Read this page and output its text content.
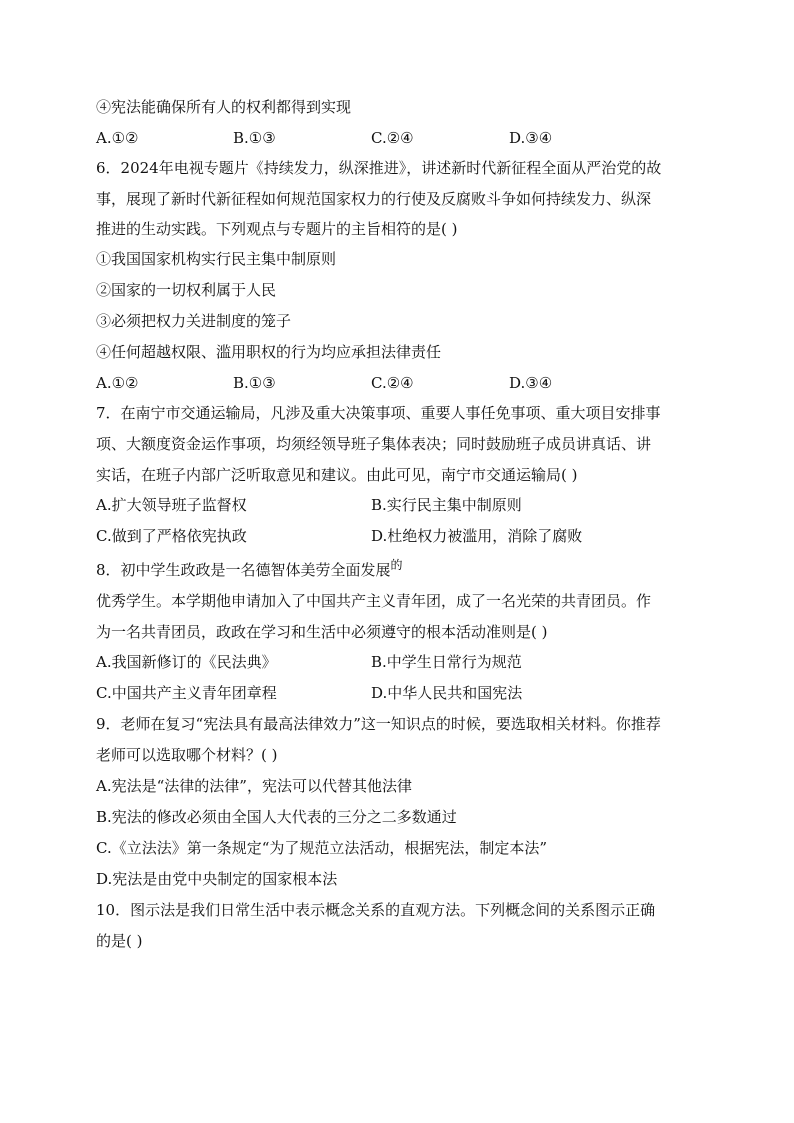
④宪法能确保所有人的权利都得到实现
A.①②	B.①③	C.②④	D.③④
6．2024年电视专题片《持续发力，纵深推进》，讲述新时代新征程全面从严治党的故
事，展现了新时代新征程如何规范国家权力的行使及反腐败斗争如何持续发力、纵深
推进的生动实践。下列观点与专题片的主旨相符的是( )
①我国国家机构实行民主集中制原则
②国家的一切权利属于人民
③必须把权力关进制度的笼子
④任何超越权限、滥用职权的行为均应承担法律责任
A.①②	B.①③	C.②④	D.③④
7．在南宁市交通运输局，凡涉及重大决策事项、重要人事任免事项、重大项目安排事
项、大额度资金运作事项，均须经领导班子集体表决；同时鼓励班子成员讲真话、讲
实话，在班子内部广泛听取意见和建议。由此可见，南宁市交通运输局( )
A.扩大领导班子监督权	B.实行民主集中制原则
C.做到了严格依宪执政	D.杜绝权力被滥用，消除了腐败
8．初中学生政政是一名德智体美劳全面发展$^的$
优秀学生。本学期他申请加入了中国共产主义青年团，成了一名光荣的共青团员。作
为一名共青团员，政政在学习和生活中必须遵守的根本活动准则是( )
A.我国新修订的《民法典》	B.中学生日常行为规范
C.中国共产主义青年团章程	D.中华人民共和国宪法
9．老师在复习“宪法具有最高法律效力”这一知识点的时候，要选取相关材料。你推荐
老师可以选取哪个材料？( )
A.宪法是“法律的法律”，宪法可以代替其他法律
B.宪法的修改必须由全国人大代表的三分之二多数通过
C.《立法法》第一条规定“为了规范立法活动，根据宪法，制定本法”
D.宪法是由党中央制定的国家根本法
10．图示法是我们日常生活中表示概念关系的直观方法。下列概念间的关系图示正确
的是( )
